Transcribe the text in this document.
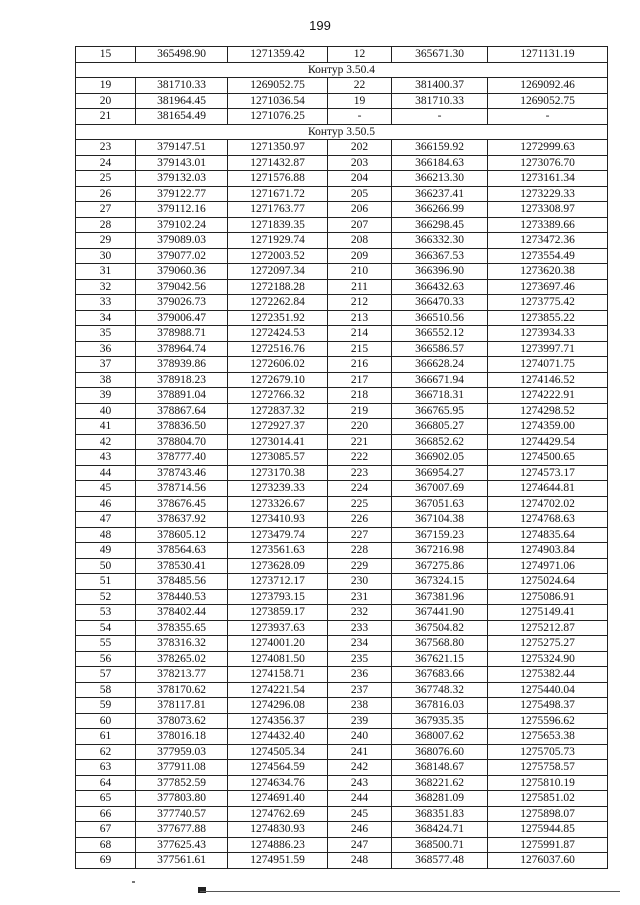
199
15	365498.90	1271359.42	12	365671.30	1271131.19
Контур 3.50.4					
19	381710.33	1269052.75	22	381400.37	1269092.46
20	381964.45	1271036.54	19	381710.33	1269052.75
21	381654.49	1271076.25	-	-	-
Контур 3.50.5					
23	379147.51	1271350.97	202	366159.92	1272999.63
24	379143.01	1271432.87	203	366184.63	1273076.70
25	379132.03	1271576.88	204	366213.30	1273161.34
26	379122.77	1271671.72	205	366237.41	1273229.33
27	379112.16	1271763.77	206	366266.99	1273308.97
28	379102.24	1271839.35	207	366298.45	1273389.66
29	379089.03	1271929.74	208	366332.30	1273472.36
30	379077.02	1272003.52	209	366367.53	1273554.49
31	379060.36	1272097.34	210	366396.90	1273620.38
32	379042.56	1272188.28	211	366432.63	1273697.46
33	379026.73	1272262.84	212	366470.33	1273775.42
34	379006.47	1272351.92	213	366510.56	1273855.22
35	378988.71	1272424.53	214	366552.12	1273934.33
36	378964.74	1272516.76	215	366586.57	1273997.71
37	378939.86	1272606.02	216	366628.24	1274071.75
38	378918.23	1272679.10	217	366671.94	1274146.52
39	378891.04	1272766.32	218	366718.31	1274222.91
40	378867.64	1272837.32	219	366765.95	1274298.52
41	378836.50	1272927.37	220	366805.27	1274359.00
42	378804.70	1273014.41	221	366852.62	1274429.54
43	378777.40	1273085.57	222	366902.05	1274500.65
44	378743.46	1273170.38	223	366954.27	1274573.17
45	378714.56	1273239.33	224	367007.69	1274644.81
46	378676.45	1273326.67	225	367051.63	1274702.02
47	378637.92	1273410.93	226	367104.38	1274768.63
48	378605.12	1273479.74	227	367159.23	1274835.64
49	378564.63	1273561.63	228	367216.98	1274903.84
50	378530.41	1273628.09	229	367275.86	1274971.06
51	378485.56	1273712.17	230	367324.15	1275024.64
52	378440.53	1273793.15	231	367381.96	1275086.91
53	378402.44	1273859.17	232	367441.90	1275149.41
54	378355.65	1273937.63	233	367504.82	1275212.87
55	378316.32	1274001.20	234	367568.80	1275275.27
56	378265.02	1274081.50	235	367621.15	1275324.90
57	378213.77	1274158.71	236	367683.66	1275382.44
58	378170.62	1274221.54	237	367748.32	1275440.04
59	378117.81	1274296.08	238	367816.03	1275498.37
60	378073.62	1274356.37	239	367935.35	1275596.62
61	378016.18	1274432.40	240	368007.62	1275653.38
62	377959.03	1274505.34	241	368076.60	1275705.73
63	377911.08	1274564.59	242	368148.67	1275758.57
64	377852.59	1274634.76	243	368221.62	1275810.19
65	377803.80	1274691.40	244	368281.09	1275851.02
66	377740.57	1274762.69	245	368351.83	1275898.07
67	377677.88	1274830.93	246	368424.71	1275944.85
68	377625.43	1274886.23	247	368500.71	1275991.87
69	377561.61	1274951.59	248	368577.48	1276037.60
